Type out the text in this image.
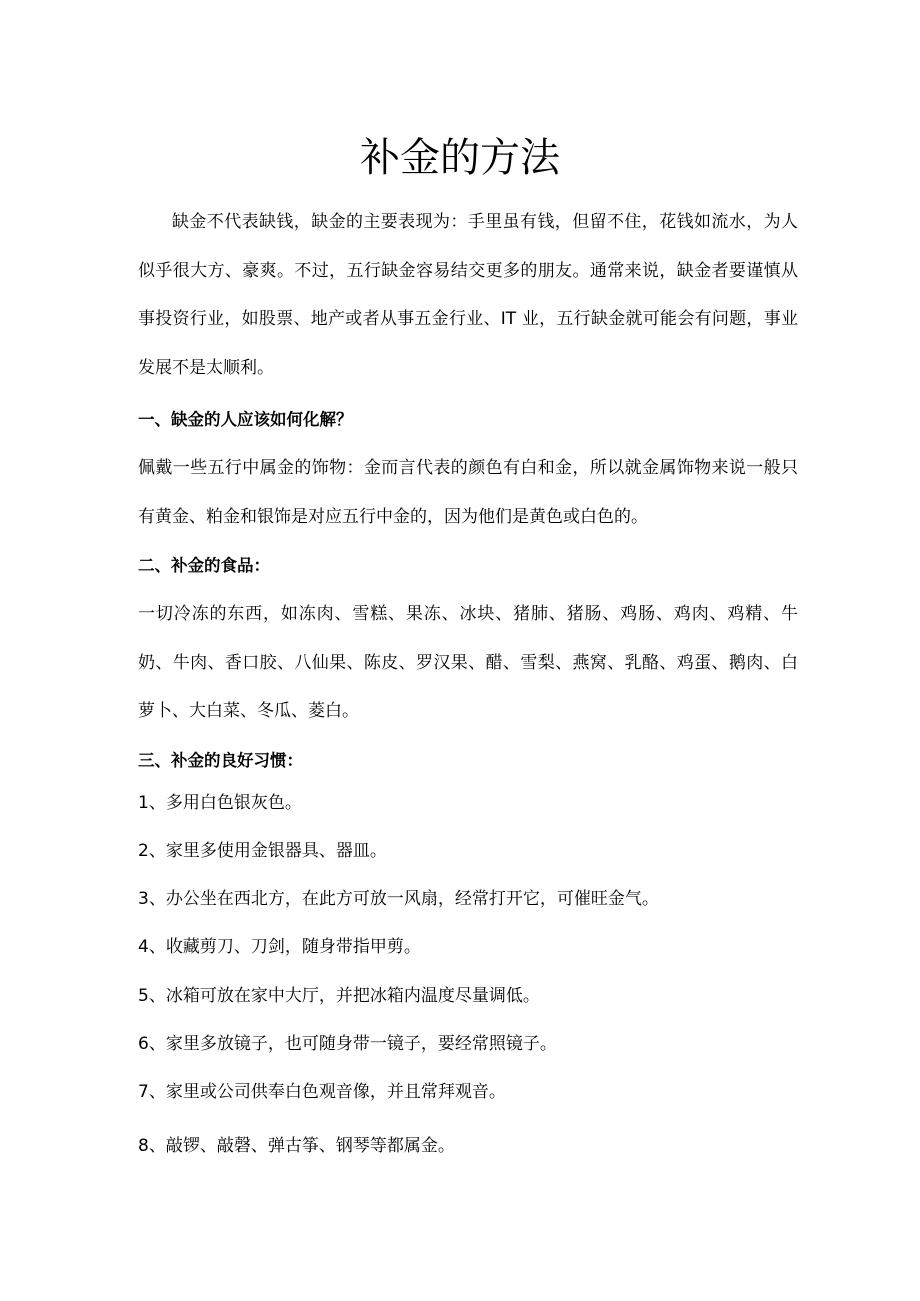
补金的方法

缺金不代表缺钱，缺金的主要表现为：手里虽有钱，但留不住，花钱如流水，为人似乎很大方、豪爽。不过，五行缺金容易结交更多的朋友。通常来说，缺金者要谨慎从事投资行业，如股票、地产或者从事五金行业、IT 业，五行缺金就可能会有问题，事业发展不是太顺利。

一、缺金的人应该如何化解？

佩戴一些五行中属金的饰物：金而言代表的颜色有白和金，所以就金属饰物来说一般只有黄金、粕金和银饰是对应五行中金的，因为他们是黄色或白色的。

二、补金的食品：

一切冷冻的东西，如冻肉、雪糕、果冻、冰块、猪肺、猪肠、鸡肠、鸡肉、鸡精、牛奶、牛肉、香口胶、八仙果、陈皮、罗汉果、醋、雪梨、燕窝、乳酪、鸡蛋、鹅肉、白萝卜、大白菜、冬瓜、菱白。

三、补金的良好习惯：

1、多用白色银灰色。

2、家里多使用金银器具、器皿。

3、办公坐在西北方，在此方可放一风扇，经常打开它，可催旺金气。

4、收藏剪刀、刀剑，随身带指甲剪。

5、冰箱可放在家中大厅，并把冰箱内温度尽量调低。

6、家里多放镜子，也可随身带一镜子，要经常照镜子。

7、家里或公司供奉白色观音像，并且常拜观音。

8、敲锣、敲磬、弹古筝、钢琴等都属金。
